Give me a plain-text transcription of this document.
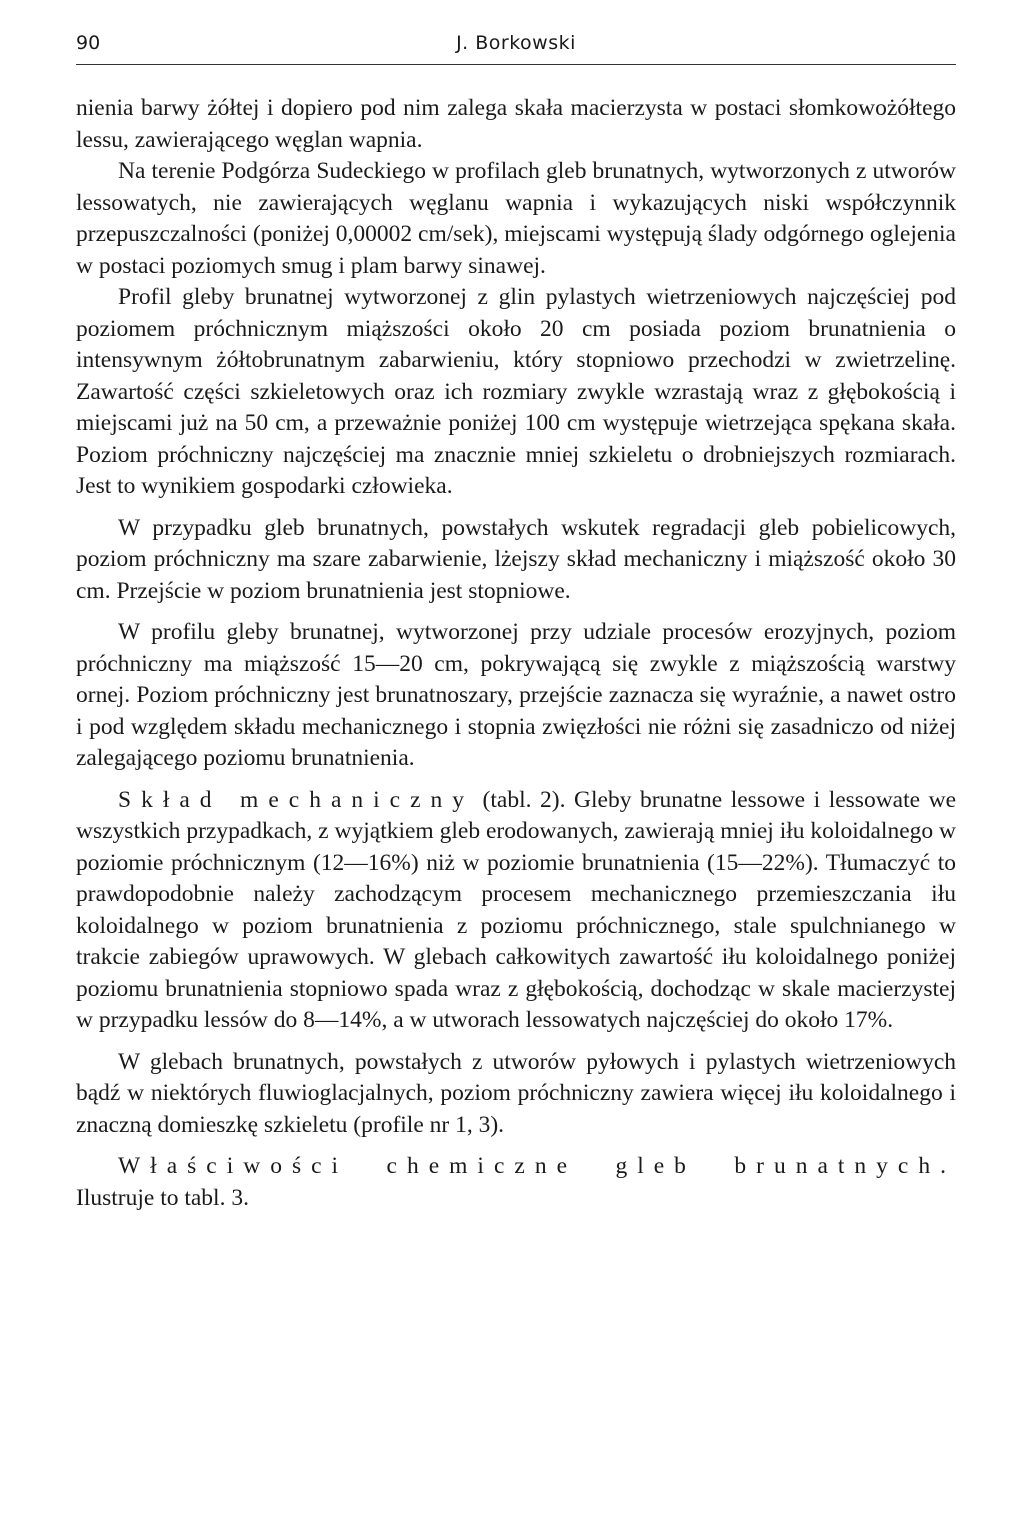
90	J. Borkowski

nienia barwy żółtej i dopiero pod nim zalega skała macierzysta w postaci słomkowożółtego lessu, zawierającego węglan wapnia.

Na terenie Podgórza Sudeckiego w profilach gleb brunatnych, wytworzonych z utworów lessowatych, nie zawierających węglanu wapnia i wykazujących niski współczynnik przepuszczalności (poniżej 0,00002 cm/sek), miejscami występują ślady odgórnego oglejenia w postaci poziomych smug i plam barwy sinawej.

Profil gleby brunatnej wytworzonej z glin pylastych wietrzeniowych najczęściej pod poziomem próchnicznym miąższości około 20 cm posiada poziom brunatnienia o intensywnym żółtobrunatnym zabarwieniu, który stopniowo przechodzi w zwietrzelinę. Zawartość części szkieletowych oraz ich rozmiary zwykle wzrastają wraz z głębokością i miejscami już na 50 cm, a przeważnie poniżej 100 cm występuje wietrzejąca spękana skała. Poziom próchniczny najczęściej ma znacznie mniej szkieletu o drobniejszych rozmiarach. Jest to wynikiem gospodarki człowieka.

W przypadku gleb brunatnych, powstałych wskutek regradacji gleb pobielicowych, poziom próchniczny ma szare zabarwienie, lżejszy skład mechaniczny i miąższość około 30 cm. Przejście w poziom brunatnienia jest stopniowe.

W profilu gleby brunatnej, wytworzonej przy udziale procesów erozyjnych, poziom próchniczny ma miąższość 15—20 cm, pokrywającą się zwykle z miąższością warstwy ornej. Poziom próchniczny jest brunatnoszary, przejście zaznacza się wyraźnie, a nawet ostro i pod względem składu mechanicznego i stopnia zwięzłości nie różni się zasadniczo od niżej zalegającego poziomu brunatnienia.

Skład mechaniczny (tabl. 2). Gleby brunatne lessowe i lessowate we wszystkich przypadkach, z wyjątkiem gleb erodowanych, zawierają mniej iłu koloidalnego w poziomie próchnicznym (12—16%) niż w poziomie brunatnienia (15—22%). Tłumaczyć to prawdopodobnie należy zachodzącym procesem mechanicznego przemieszczania iłu koloidalnego w poziom brunatnienia z poziomu próchnicznego, stale spulchnianego w trakcie zabiegów uprawowych. W glebach całkowitych zawartość iłu koloidalnego poniżej poziomu brunatnienia stopniowo spada wraz z głębokością, dochodząc w skale macierzystej w przypadku lessów do 8—14%, a w utworach lessowatych najczęściej do około 17%.

W glebach brunatnych, powstałych z utworów pyłowych i pylastych wietrzeniowych bądź w niektórych fluwioglacjalnych, poziom próchniczny zawiera więcej iłu koloidalnego i znaczną domieszkę szkieletu (profile nr 1, 3).

Właściwości chemiczne gleb brunatnych. Ilustruje to tabl. 3.
